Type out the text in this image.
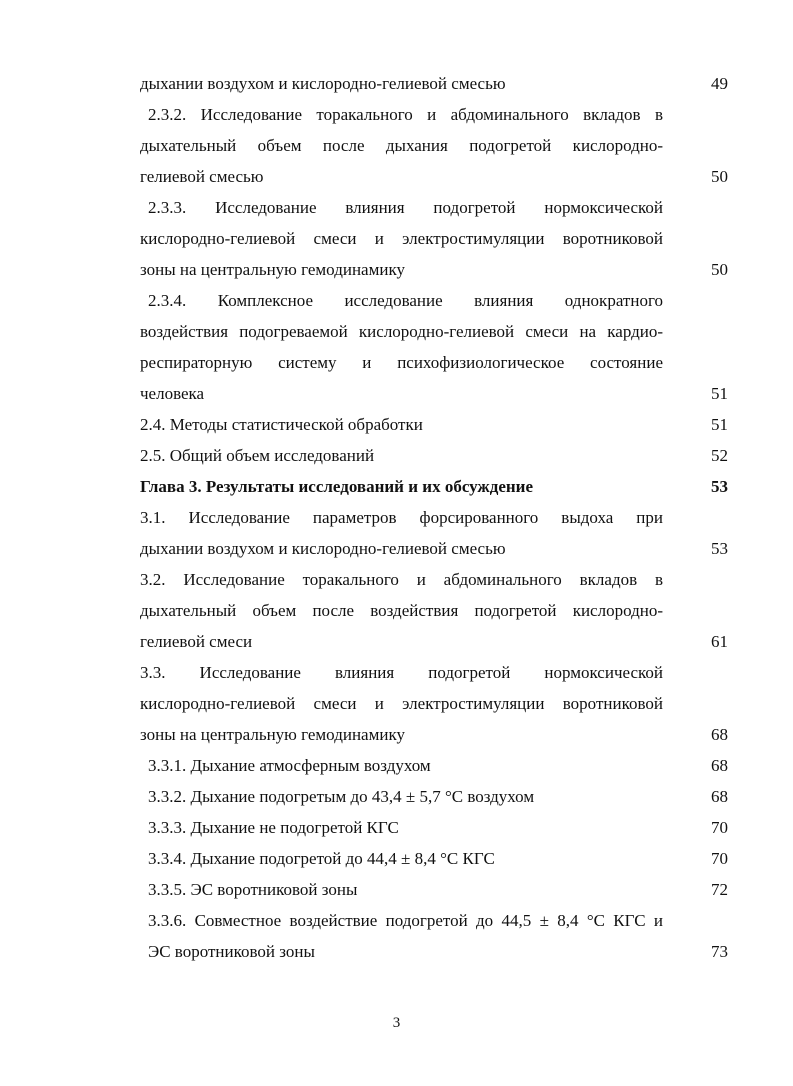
дыхании воздухом и кислородно-гелиевой смесью	49
2.3.2. Исследование торакального и абдоминального вкладов в
дыхательный объем после дыхания подогретой кислородно-
гелиевой смесью	50
2.3.3. Исследование влияния подогретой нормоксической
кислородно-гелиевой смеси и электростимуляции воротниковой
зоны на центральную гемодинамику	50
2.3.4. Комплексное исследование влияния однократного
воздействия подогреваемой кислородно-гелиевой смеси на кардио-
респираторную систему и психофизиологическое состояние
человека	51
2.4. Методы статистической обработки	51
2.5. Общий объем исследований	52
Глава 3. Результаты исследований и их обсуждение	53
3.1. Исследование параметров форсированного выдоха при
дыхании воздухом и кислородно-гелиевой смесью	53
3.2. Исследование торакального и абдоминального вкладов в
дыхательный объем после воздействия подогретой кислородно-
гелиевой смеси	61
3.3. Исследование влияния подогретой нормоксической
кислородно-гелиевой смеси и электростимуляции воротниковой
зоны на центральную гемодинамику	68
3.3.1. Дыхание атмосферным воздухом	68
3.3.2. Дыхание подогретым до 43,4 ± 5,7 °С воздухом	68
3.3.3. Дыхание не подогретой КГС	70
3.3.4. Дыхание подогретой до 44,4 ± 8,4 °С КГС	70
3.3.5. ЭС воротниковой зоны	72
3.3.6. Совместное воздействие подогретой до 44,5 ± 8,4 °С КГС и
ЭС воротниковой зоны	73
3
